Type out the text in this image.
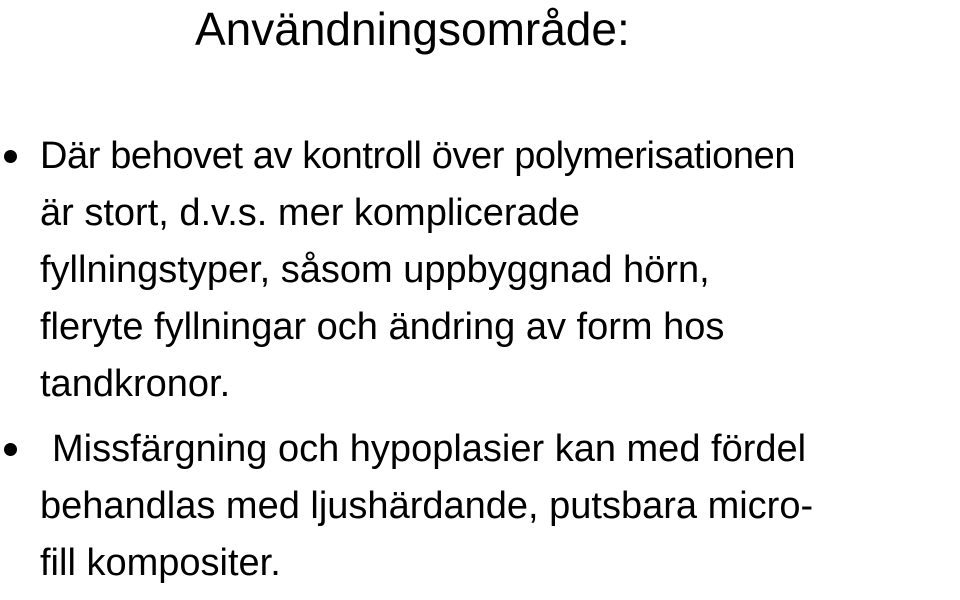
Användningsområde:
Där behovet av kontroll över polymerisationen
är stort, d.v.s. mer komplicerade
fyllningstyper, såsom uppbyggnad hörn,
fleryte fyllningar och ändring av form hos
tandkronor.
Missfärgning och hypoplasier kan med fördel
behandlas med ljushärdande, putsbara micro-
fill kompositer.
